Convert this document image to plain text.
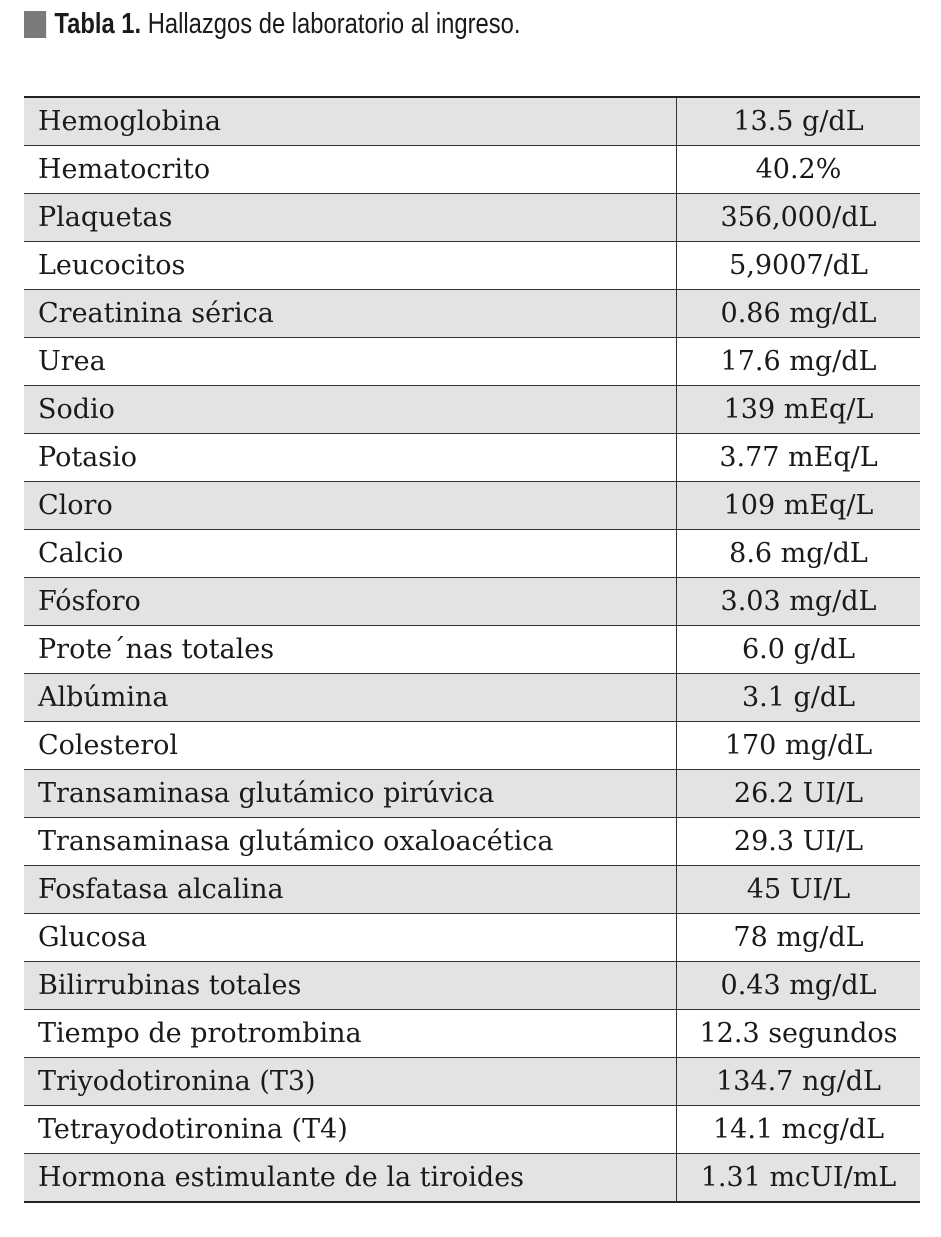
Tabla 1. Hallazgos de laboratorio al ingreso.
Hemoglobina	13.5 g/dL
Hematocrito	40.2%
Plaquetas	356,000/dL
Leucocitos	5,9007/dL
Creatinina sérica	0.86 mg/dL
Urea	17.6 mg/dL
Sodio	139 mEq/L
Potasio	3.77 mEq/L
Cloro	109 mEq/L
Calcio	8.6 mg/dL
Fósforo	3.03 mg/dL
Prote´nas totales	6.0 g/dL
Albúmina	3.1 g/dL
Colesterol	170 mg/dL
Transaminasa glutámico pirúvica	26.2 UI/L
Transaminasa glutámico oxaloacética	29.3 UI/L
Fosfatasa alcalina	45 UI/L
Glucosa	78 mg/dL
Bilirrubinas totales	0.43 mg/dL
Tiempo de protrombina	12.3 segundos
Triyodotironina (T3)	134.7 ng/dL
Tetrayodotironina (T4)	14.1 mcg/dL
Hormona estimulante de la tiroides	1.31 mcUI/mL
